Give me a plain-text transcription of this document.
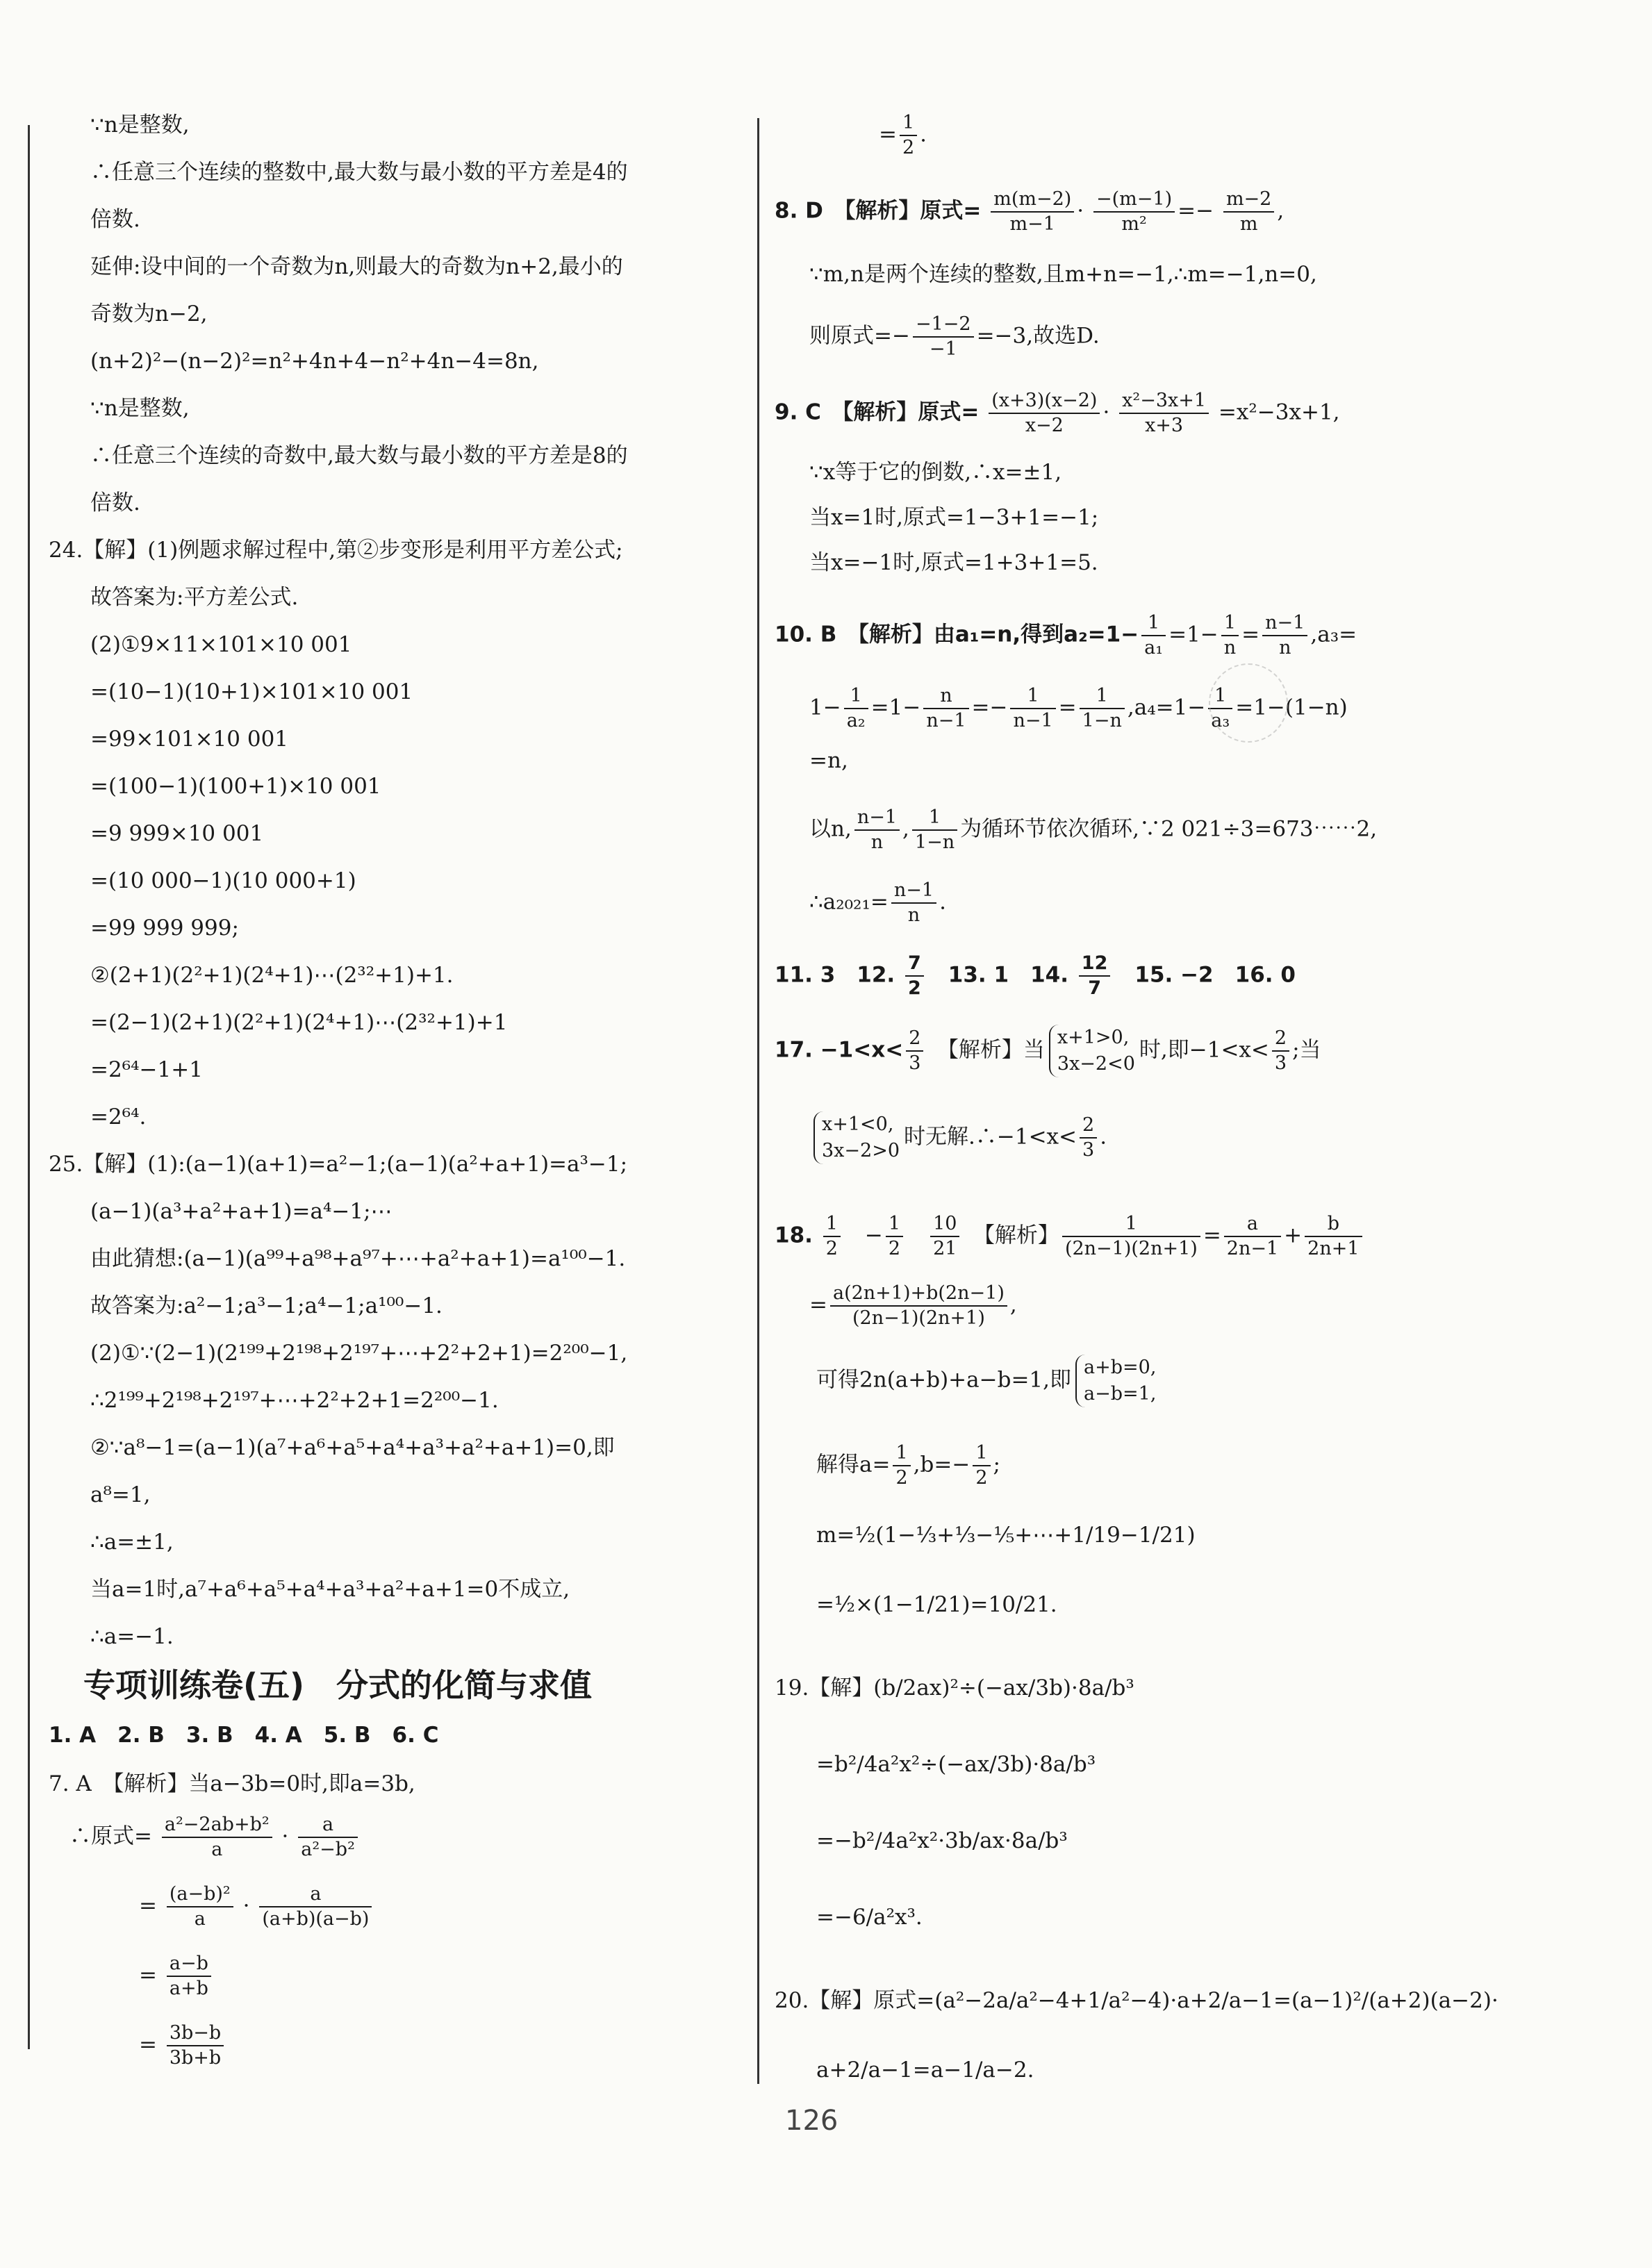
∵n是整数,
∴任意三个连续的整数中,最大数与最小数的平方差是4的
倍数.
延伸:设中间的一个奇数为n,则最大的奇数为n+2,最小的
奇数为n−2,
(n+2)²−(n−2)²=n²+4n+4−n²+4n−4=8n,
∵n是整数,
∴任意三个连续的奇数中,最大数与最小数的平方差是8的
倍数.
24.【解】(1)例题求解过程中,第②步变形是利用平方差公式;
故答案为:平方差公式.
(2)①9×11×101×10 001
=(10−1)(10+1)×101×10 001
=99×101×10 001
=(100−1)(100+1)×10 001
=9 999×10 001
=(10 000−1)(10 000+1)
=99 999 999;
②(2+1)(2²+1)(2⁴+1)⋯(2³²+1)+1.
=(2−1)(2+1)(2²+1)(2⁴+1)⋯(2³²+1)+1
=2⁶⁴−1+1
=2⁶⁴.
25.【解】(1):(a−1)(a+1)=a²−1;(a−1)(a²+a+1)=a³−1;
(a−1)(a³+a²+a+1)=a⁴−1;⋯
由此猜想:(a−1)(a⁹⁹+a⁹⁸+a⁹⁷+⋯+a²+a+1)=a¹⁰⁰−1.
故答案为:a²−1;a³−1;a⁴−1;a¹⁰⁰−1.
(2)①∵(2−1)(2¹⁹⁹+2¹⁹⁸+2¹⁹⁷+⋯+2²+2+1)=2²⁰⁰−1,
∴2¹⁹⁹+2¹⁹⁸+2¹⁹⁷+⋯+2²+2+1=2²⁰⁰−1.
②∵a⁸−1=(a−1)(a⁷+a⁶+a⁵+a⁴+a³+a²+a+1)=0,即
a⁸=1,
∴a=±1,
当a=1时,a⁷+a⁶+a⁵+a⁴+a³+a²+a+1=0不成立,
∴a=−1.
专项训练卷(五)　分式的化简与求值
1. A　2. B　3. B　4. A　5. B　6. C
7. A　【解析】当a−3b=0时,即a=3b,
∴原式= $\frac{\text{a²−2ab+b²}}{a} \cdot \frac{a}{\text{a²−b²}}$
= $\frac{\text{(a−b)²}}{a} \cdot \frac{a}{(a+b)(a-b)}$
= $\frac{a-b}{a+b}$
= $\frac{3b-b}{3b+b}$
= $\frac{1}{2}$ .
8. D　【解析】原式= $\frac{m(m-2)}{m-1} \cdot \frac{-(m-1)}{\text{m²}} =- \frac{m-2}{m}$ ,
∵m,n是两个连续的整数,且m+n=−1,∴m=−1,n=0,
则原式=− $\frac{-1-2}{-1} =-3$,故选D.
9. C　【解析】原式= $\frac{(x+3)(x-2)}{x-2} \cdot \frac{\text{x²−3x+1}}{x+3} =x^2-3x+1$,
∵x等于它的倒数,∴x=±1,
当x=1时,原式=1−3+1=−1;
当x=−1时,原式=1+3+1=5.
10. B　【解析】由a₁=n,得到$a_2=1- \frac{1}{\text{a₁}} =1- \frac{1}{n} = \frac{n-1}{n} ,a_3=$
$1- \frac{1}{\text{a₂}} =1- \frac{n}{n-1} =- \frac{1}{n-1} = \frac{1}{1-n} ,a_4=1- \frac{1}{\text{a₃}} =1-(1-n)$
=n,
以n, $\frac{n-1}{n}$ , $\frac{1}{1-n}$ 为循环节依次循环,∵2 021÷3=673⋯⋯2,
∴a₂₀₂₁= $\frac{n-1}{n}$ .
11. 3　12. $\frac{7}{2}$ 　13. 1　14. $\frac{12}{7}$ 　15. −2　16. 0
17. $-1<x< \frac{2}{3}$ 　【解析】当 x+1>0,
3x−2<0
时,即$-1<x< \frac{2}{3}$ ;当
x+1<0,
3x−2>0
时无解.∴−1<x< $\frac{2}{3}$ .
18. $\frac{1}{2}$
　 − $\frac{1}{2}$
　 $\frac{10}{21}$
　 【解析】 $\frac{1}{(2n-1)(2n+1)} = \frac{a}{2n-1} + \frac{b}{2n+1}$
= $\frac{a(2n+1)+b(2n-1)}{(2n-1)(2n+1)}$ ,
可得2n(a+b)+a−b=1,即 a+b=0,
a−b=1,
解得$a= \frac{1}{2} ,b=- \frac{1}{2}$ ;
m=½(1−⅓+⅓−⅕+⋯+1/19−1/21)
=½×(1−1/21)=10/21.
19.【解】(b/2ax)²÷(−ax/3b)·8a/b³
=b²/4a²x²÷(−ax/3b)·8a/b³
=−b²/4a²x²·3b/ax·8a/b³
=−6/a²x³.
20.【解】原式=(a²−2a/a²−4+1/a²−4)·a+2/a−1=(a−1)²/(a+2)(a−2)·
a+2/a−1=a−1/a−2.
126
